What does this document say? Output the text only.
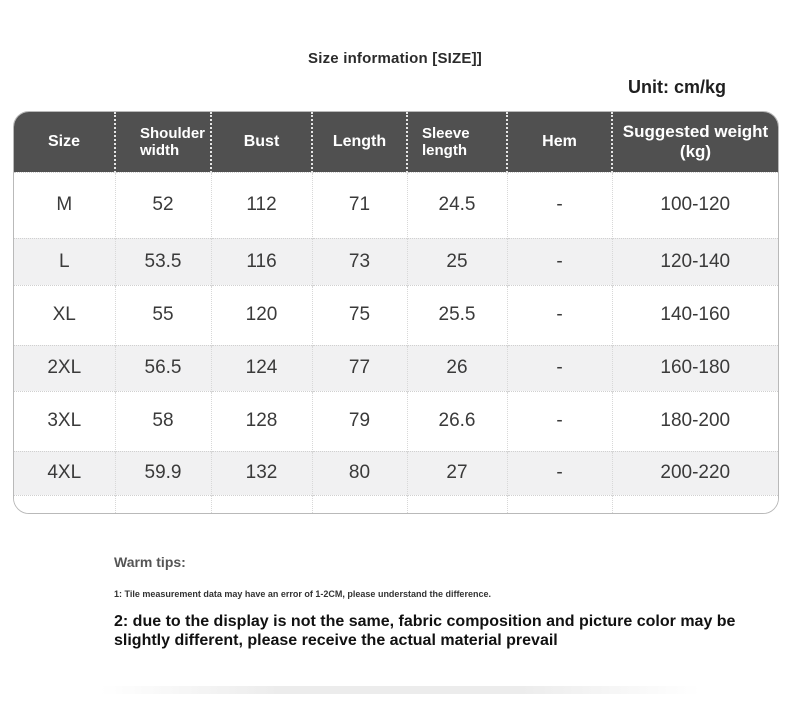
Size information [SIZE]]
Unit: cm/kg
Size	Shoulder width	Bust	Length	Sleeve length	Hem	Suggested weight (kg)
M	52	112	71	24.5	-	100-120
L	53.5	116	73	25	-	120-140
XL	55	120	75	25.5	-	140-160
2XL	56.5	124	77	26	-	160-180
3XL	58	128	79	26.6	-	180-200
4XL	59.9	132	80	27	-	200-220

Warm tips:
1: Tile measurement data may have an error of 1-2CM, please understand the difference.
2: due to the display is not the same, fabric composition and picture color may be slightly different, please receive the actual material prevail
